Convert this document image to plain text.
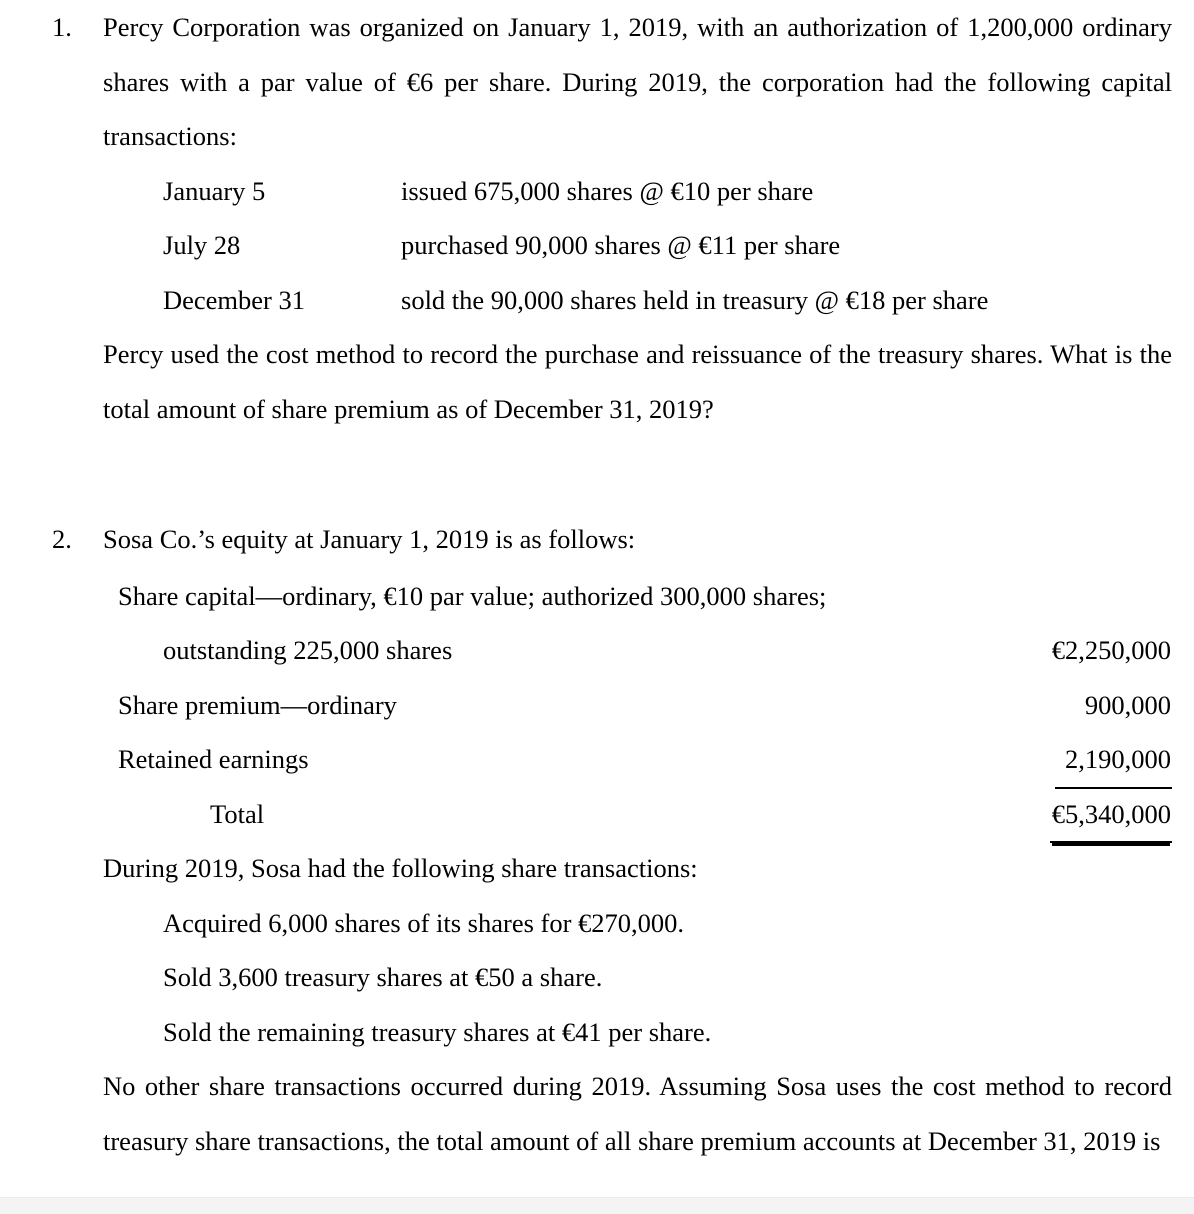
1.	Percy Corporation was organized on January 1, 2019, with an authorization of 1,200,000 ordinary shares with a par value of €6 per share. During 2019, the corporation had the following capital transactions:
January 5	issued 675,000 shares @ €10 per share
July 28	purchased 90,000 shares @ €11 per share
December 31	sold the 90,000 shares held in treasury @ €18 per share
Percy used the cost method to record the purchase and reissuance of the treasury shares. What is the total amount of share premium as of December 31, 2019?
2.	Sosa Co.’s equity at January 1, 2019 is as follows:
Share capital—ordinary, €10 par value; authorized 300,000 shares;
outstanding 225,000 shares	€2,250,000
Share premium—ordinary	900,000
Retained earnings	2,190,000
Total	€5,340,000
During 2019, Sosa had the following share transactions:
Acquired 6,000 shares of its shares for €270,000.
Sold 3,600 treasury shares at €50 a share.
Sold the remaining treasury shares at €41 per share.
No other share transactions occurred during 2019. Assuming Sosa uses the cost method to record treasury share transactions, the total amount of all share premium accounts at December 31, 2019 is
